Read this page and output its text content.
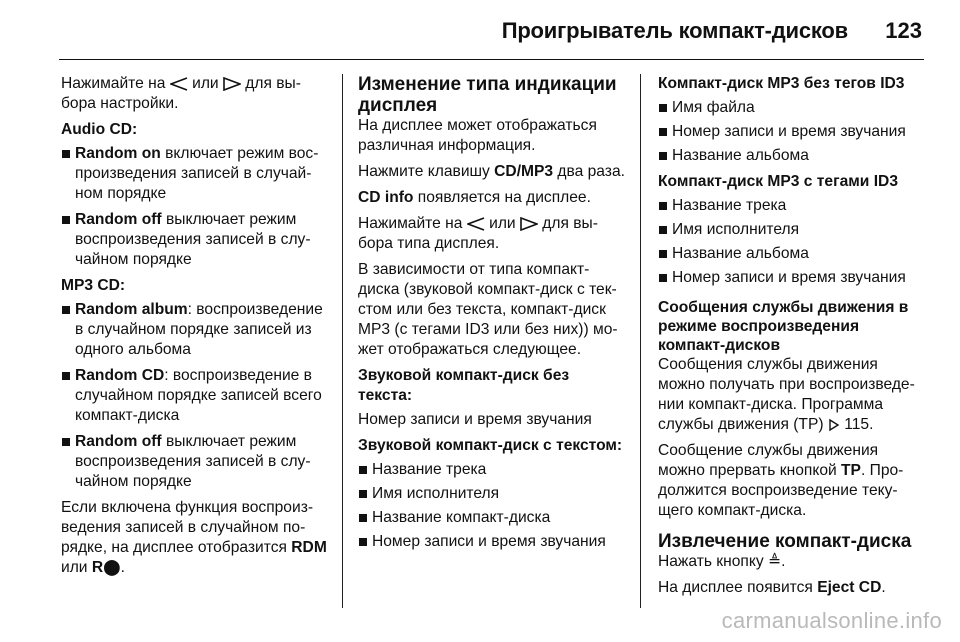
Проигрыватель компакт-дисков 123

Нажимайте на  или  для вы-бора настройки.

Audio CD:
Random on включает режим вос-произведения записей в случай-ном порядке
Random off выключает режим воспроизведения записей в слу-чайном порядке
MP3 CD:
Random album: воспроизведение в случайном порядке записей из одного альбома
Random CD: воспроизведение в случайном порядке записей всего компакт-диска
Random off выключает режим воспроизведения записей в слу-чайном порядке

Если включена функция воспроиз-ведения записей в случайном по-рядке, на дисплее отобразится RDM или R⬤.

Изменение типа индикации дисплея

На дисплее может отображаться различная информация.

Нажмите клавишу CD/MP3 два раза.

CD info появляется на дисплее.

Нажимайте на  или  для вы-бора типа дисплея.

В зависимости от типа компакт-диска (звуковой компакт-диск с тек-стом или без текста, компакт-диск MP3 (с тегами ID3 или без них)) мо-жет отображаться следующее.

Звуковой компакт-диск без текста:

Номер записи и время звучания

Звуковой компакт-диск с текстом:
Название трека
Имя исполнителя
Название компакт-диска
Номер записи и время звучания
Компакт-диск MP3 без тегов ID3
Имя файла
Номер записи и время звучания
Название альбома
Компакт-диск MP3 с тегами ID3
Название трека
Имя исполнителя
Название альбома
Номер записи и время звучания
Сообщения службы движения в режиме воспроизведения компакт-дисков

Сообщения службы движения можно получать при воспроизведе-нии компакт-диска. Программа службы движения (TP)  115.

Сообщение службы движения можно прервать кнопкой TP. Про-должится воспроизведение теку-щего компакт-диска.

Извлечение компакт-диска

Нажать кнопку ≜.

На дисплее появится Eject CD.

carmanualsonline.info
